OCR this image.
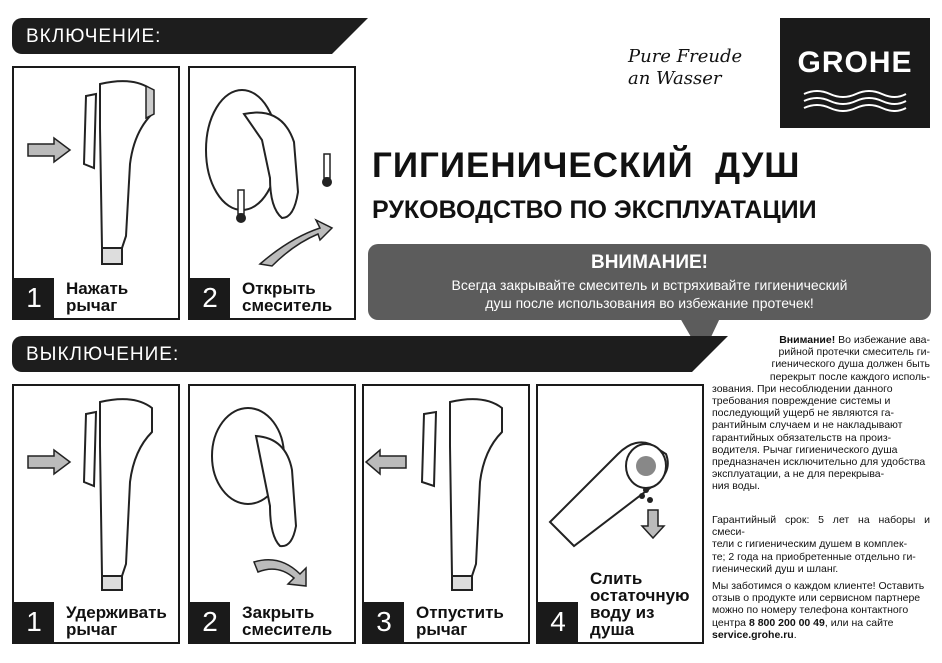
ВКЛЮЧЕНИЕ:
1	Нажать
рычаг	2	Открыть
смеситель
Pure Freude
an Wasser	GROHE
ГИГИЕНИЧЕСКИЙ  ДУШ
РУКОВОДСТВО ПО ЭКСПЛУАТАЦИИ
ВНИМАНИЕ!
Всегда закрывайте смеситель и встряхивайте гигиенический
душ после использования во избежание протечек!
ВЫКЛЮЧЕНИЕ:
1	Удерживать
рычаг	2	Закрыть
смеситель	3	Отпустить
рычаг	4
Слить
остаточную
воду из
душа
Внимание! Во избежание ава-
рийной протечки смеситель ги-
гиенического душа должен быть
перекрыт после каждого исполь-
зования. При несоблюдении данного
требования повреждение системы и
последующий ущерб не являются га-
рантийным случаем и не накладывают
гарантийных обязательств на произ-
водителя. Рычаг гигиенического душа
предназначен исключительно для удобства
эксплуатации, а не для перекрыва-
ния воды.
Гарантийный срок: 5 лет на наборы и смеси-
тели с гигиеническим душем в комплек-
те; 2 года на приобретенные отдельно ги-
гиенический душ и шланг.
Мы заботимся о каждом клиенте! Оставить
отзыв о продукте или сервисном партнере
можно по номеру телефона контактного
центра 8 800 200 00 49, или на сайте
service.grohe.ru.
